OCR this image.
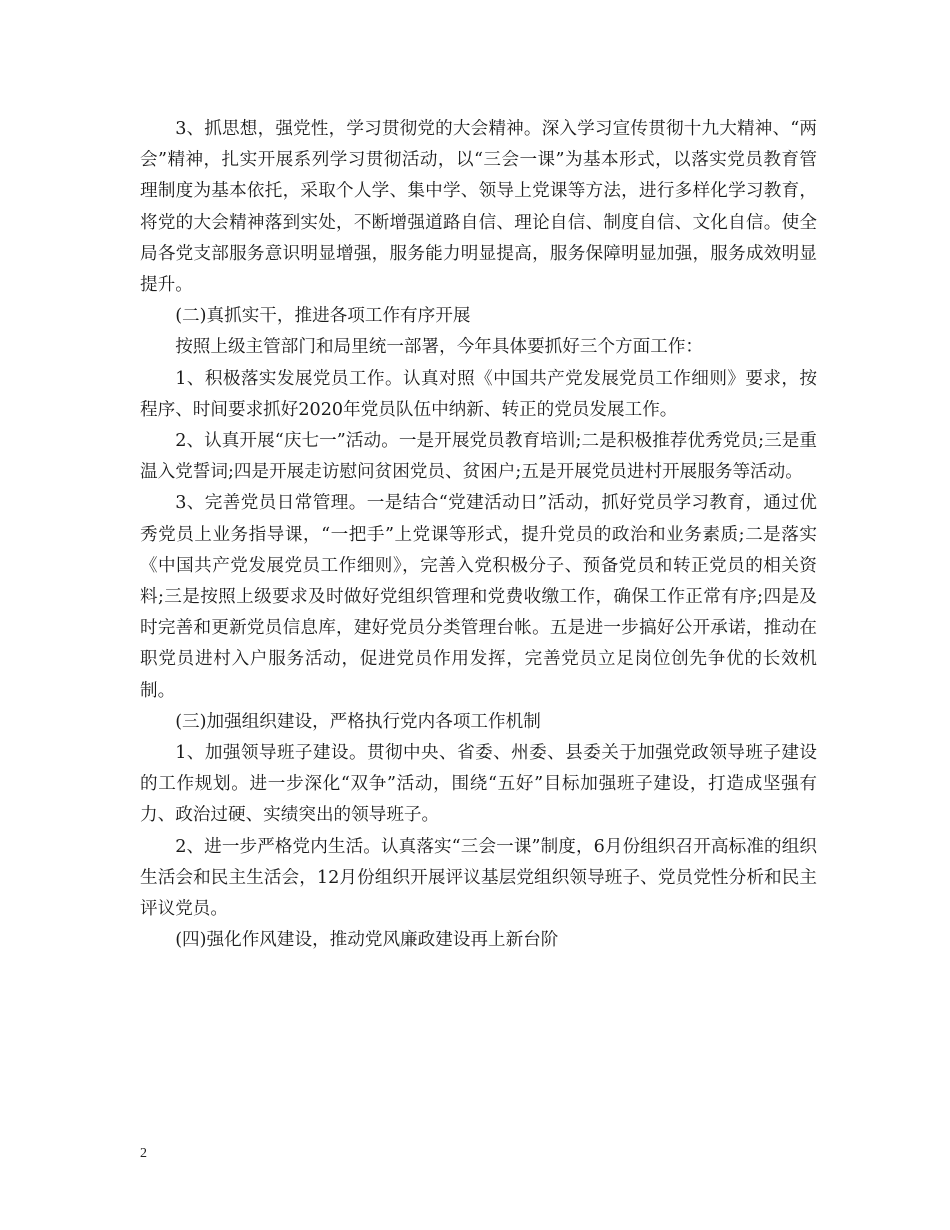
3、抓思想，强党性，学习贯彻党的大会精神。深入学习宣传贯彻十九大精神、“两会”精神，扎实开展系列学习贯彻活动，以“三会一课”为基本形式，以落实党员教育管理制度为基本依托，采取个人学、集中学、领导上党课等方法，进行多样化学习教育，将党的大会精神落到实处，不断增强道路自信、理论自信、制度自信、文化自信。使全局各党支部服务意识明显增强，服务能力明显提高，服务保障明显加强，服务成效明显提升。

(二)真抓实干，推进各项工作有序开展

按照上级主管部门和局里统一部署，今年具体要抓好三个方面工作：

1、积极落实发展党员工作。认真对照《中国共产党发展党员工作细则》要求，按程序、时间要求抓好2020年党员队伍中纳新、转正的党员发展工作。

2、认真开展“庆七一”活动。一是开展党员教育培训;二是积极推荐优秀党员;三是重温入党誓词;四是开展走访慰问贫困党员、贫困户;五是开展党员进村开展服务等活动。

3、完善党员日常管理。一是结合“党建活动日”活动，抓好党员学习教育，通过优秀党员上业务指导课，“一把手”上党课等形式，提升党员的政治和业务素质;二是落实《中国共产党发展党员工作细则》，完善入党积极分子、预备党员和转正党员的相关资料;三是按照上级要求及时做好党组织管理和党费收缴工作，确保工作正常有序;四是及时完善和更新党员信息库，建好党员分类管理台帐。五是进一步搞好公开承诺，推动在职党员进村入户服务活动，促进党员作用发挥，完善党员立足岗位创先争优的长效机制。

(三)加强组织建设，严格执行党内各项工作机制

1、加强领导班子建设。贯彻中央、省委、州委、县委关于加强党政领导班子建设的工作规划。进一步深化“双争”活动，围绕“五好”目标加强班子建设，打造成坚强有力、政治过硬、实绩突出的领导班子。

2、进一步严格党内生活。认真落实“三会一课”制度，6月份组织召开高标准的组织生活会和民主生活会，12月份组织开展评议基层党组织领导班子、党员党性分析和民主评议党员。

(四)强化作风建设，推动党风廉政建设再上新台阶

2
